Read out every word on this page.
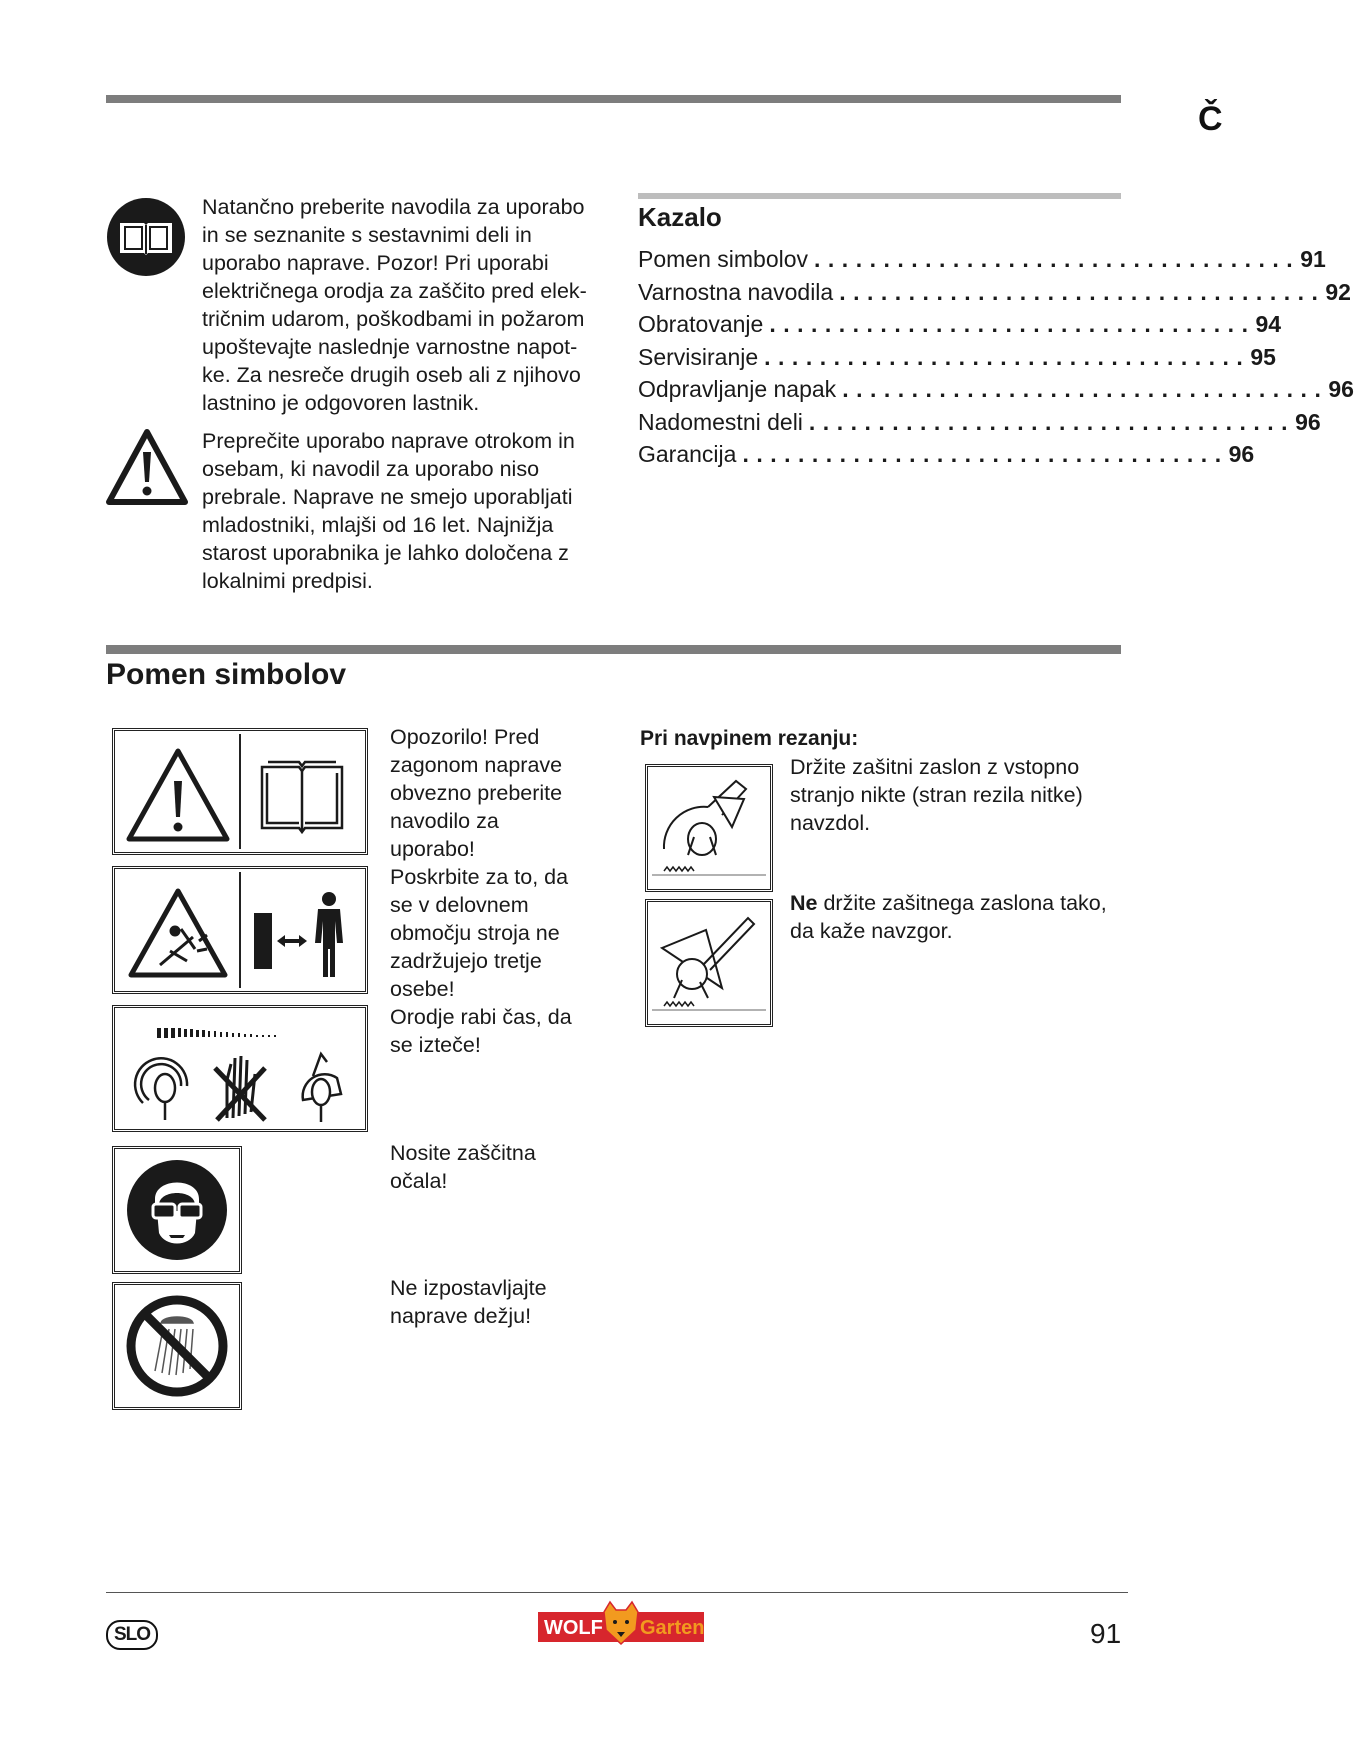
Č
Natančno preberite navodila za uporabo
in se seznanite s sestavnimi deli in
uporabo naprave. Pozor! Pri uporabi
električnega orodja za zaščito pred elek-
tričnim udarom, poškodbami in požarom
upoštevajte naslednje varnostne napot-
ke. Za nesreče drugih oseb ali z njihovo
lastnino je odgovoren lastnik.
Preprečite uporabo naprave otrokom in
osebam, ki navodil za uporabo niso
prebrale. Naprave ne smejo uporabljati
mladostniki, mlajši od 16 let. Najnižja
starost uporabnika je lahko določena z
lokalnimi predpisi.
Kazalo
Pomen simbolov ................................... 91
Varnostna navodila ................................... 92
Obratovanje ................................... 94
Servisiranje ................................... 95
Odpravljanje napak ................................... 96
Nadomestni deli ................................... 96
Garancija ................................... 96
Pomen simbolov
Opozorilo! Pred
zagonom naprave
obvezno preberite
navodilo za
uporabo!
Poskrbite za to, da
se v delovnem
območju stroja ne
zadržujejo tretje
osebe!
Orodje rabi čas, da
se izteče!
Nosite zaščitna
očala!
Ne izpostavljajte
naprave dežju!
Pri navpinem rezanju:
Držite zašitni zaslon z vstopno
stranjo nikte (stran rezila nitke)
navzdol.
Ne držite zašitnega zaslona tako,
da kaže navzgor.
SLO	WOLF Garten	91
